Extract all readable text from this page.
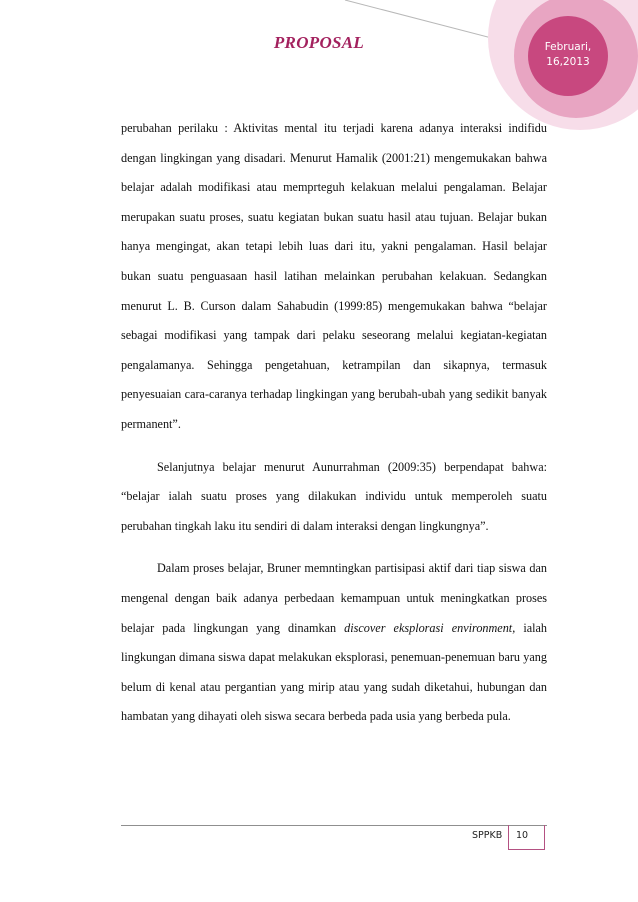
PROPOSAL	Februari,
16,2013

perubahan perilaku : Aktivitas mental itu terjadi karena adanya interaksi indifidu dengan lingkingan yang disadari. Menurut Hamalik (2001:21) mengemukakan bahwa belajar adalah modifikasi atau memprteguh kelakuan melalui pengalaman. Belajar merupakan suatu proses, suatu kegiatan bukan suatu hasil atau tujuan. Belajar bukan hanya mengingat, akan tetapi lebih luas dari itu, yakni pengalaman. Hasil belajar bukan suatu penguasaan hasil latihan melainkan perubahan kelakuan. Sedangkan menurut L. B. Curson dalam Sahabudin (1999:85) mengemukakan bahwa “belajar sebagai modifikasi yang tampak dari pelaku seseorang melalui kegiatan-kegiatan pengalamanya. Sehingga pengetahuan, ketrampilan dan sikapnya, termasuk penyesuaian cara-caranya terhadap lingkingan yang berubah-ubah yang sedikit banyak permanent”.

Selanjutnya belajar menurut Aunurrahman (2009:35) berpendapat bahwa: “belajar ialah suatu proses yang dilakukan individu untuk memperoleh suatu perubahan tingkah laku itu sendiri di dalam interaksi dengan lingkungnya”.

Dalam proses belajar, Bruner memntingkan partisipasi aktif dari tiap siswa dan mengenal dengan baik adanya perbedaan kemampuan untuk meningkatkan proses belajar pada lingkungan yang dinamkan discover eksplorasi environment, ialah lingkungan dimana siswa dapat melakukan eksplorasi, penemuan-penemuan baru yang belum di kenal atau pergantian yang mirip atau yang sudah diketahui, hubungan dan hambatan yang dihayati oleh siswa secara berbeda pada usia yang berbeda pula.

SPPKB	10
